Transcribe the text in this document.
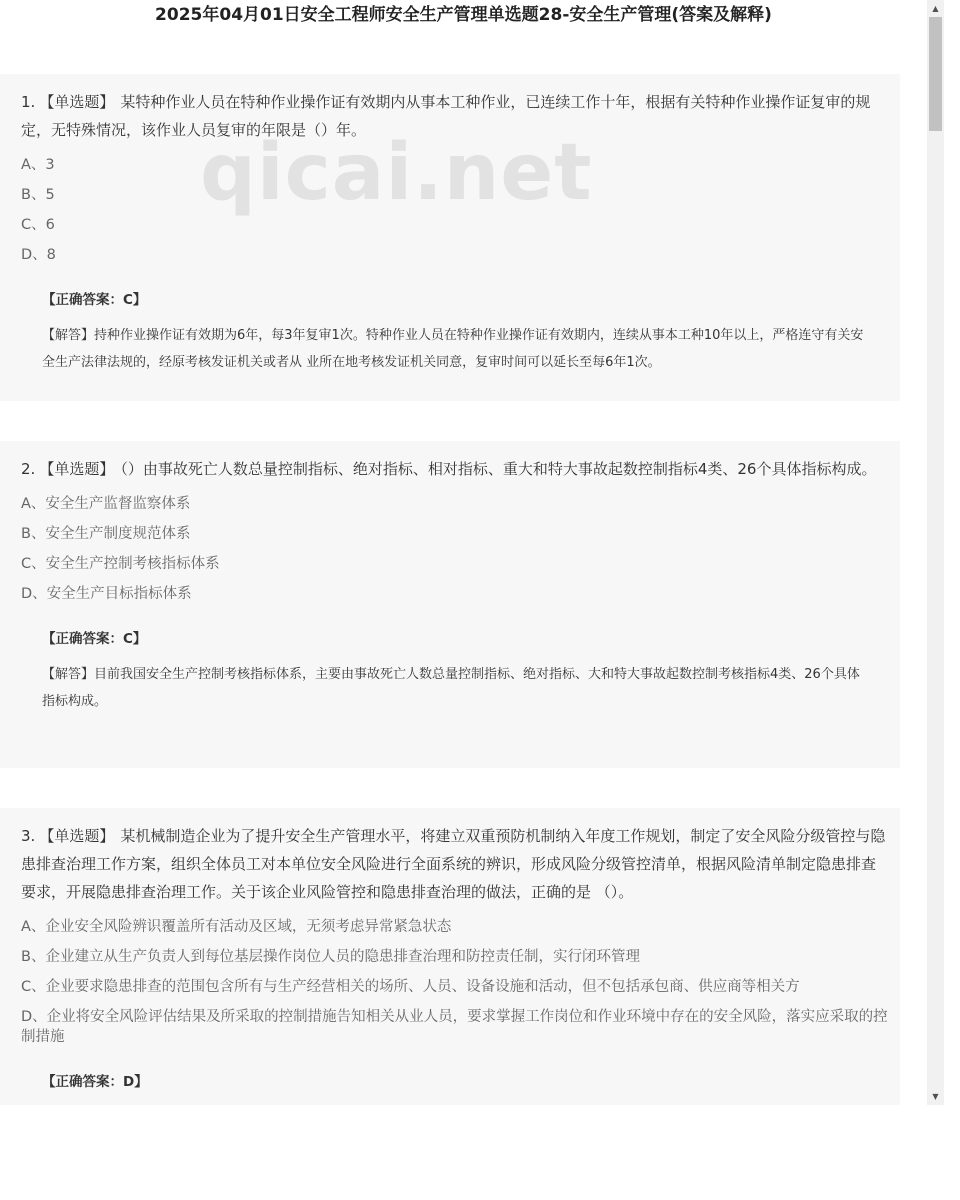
2025年04月01日安全工程师安全生产管理单选题28-安全生产管理(答案及解释)

1. 【单选题】 某特种作业人员在特种作业操作证有效期内从事本工种作业，已连续工作十年，根据有关特种作业操作证复审的规定，无特殊情况，该作业人员复审的年限是（）年。

A、3
B、5
C、6
D、8
【正确答案：C】
【解答】持种作业操作证有效期为6年，每3年复审1次。特种作业人员在特种作业操作证有效期内，连续从事本工种10年以上，严格连守有关安全生产法律法规的，经原考核发证机关或者从 业所在地考核发证机关同意，复审时间可以延长至每6年1次。

2. 【单选题】 （）由事故死亡人数总量控制指标、绝对指标、相对指标、重大和特大事故起数控制指标4类、26个具体指标构成。

A、安全生产监督监察体系
B、安全生产制度规范体系
C、安全生产控制考核指标体系
D、安全生产目标指标体系
【正确答案：C】
【解答】目前我国安全生产控制考核指标体系，主要由事故死亡人数总量控制指标、绝对指标、大和特大事故起数控制考核指标4类、26个具体指标构成。

3. 【单选题】 某机械制造企业为了提升安全生产管理水平，将建立双重预防机制纳入年度工作规划，制定了安全风险分级管控与隐患排查治理工作方案，组织全体员工对本单位安全风险进行全面系统的辨识，形成风险分级管控清单，根据风险清单制定隐患排查要求，开展隐患排查治理工作。关于该企业风险管控和隐患排查治理的做法，正确的是 （）。

A、企业安全风险辨识覆盖所有活动及区域，无须考虑异常紧急状态
B、企业建立从生产负责人到每位基层操作岗位人员的隐患排查治理和防控责任制，实行闭环管理
C、企业要求隐患排查的范围包含所有与生产经营相关的场所、人员、设备设施和活动，但不包括承包商、供应商等相关方
D、企业将安全风险评估结果及所采取的控制措施告知相关从业人员，要求掌握工作岗位和作业环境中存在的安全风险，落实应采取的控制措施
【正确答案：D】
qicai.net
▲
▼
